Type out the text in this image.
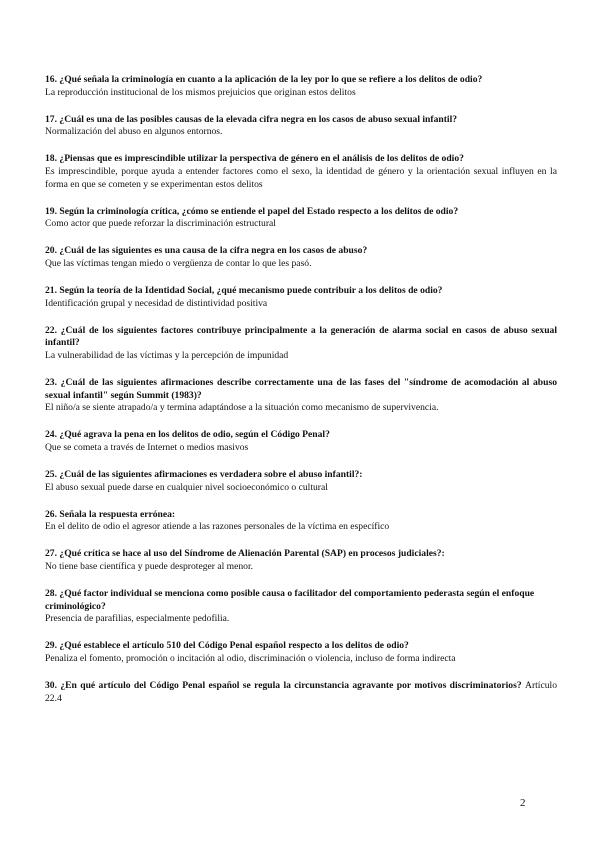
16. ¿Qué señala la criminología en cuanto a la aplicación de la ley por lo que se refiere a los delitos de odio?

La reproducción institucional de los mismos prejuicios que originan estos delitos

17. ¿Cuál es una de las posibles causas de la elevada cifra negra en los casos de abuso sexual infantil?

Normalización del abuso en algunos entornos.

18. ¿Piensas que es imprescindible utilizar la perspectiva de género en el análisis de los delitos de odio?

Es imprescindible, porque ayuda a entender factores como el sexo, la identidad de género y la orientación sexual influyen en la forma en que se cometen y se experimentan estos delitos

19. Según la criminología crítica, ¿cómo se entiende el papel del Estado respecto a los delitos de odio?

Como actor que puede reforzar la discriminación estructural

20. ¿Cuál de las siguientes es una causa de la cifra negra en los casos de abuso?

Que las víctimas tengan miedo o vergüenza de contar lo que les pasó.

21. Según la teoría de la Identidad Social, ¿qué mecanismo puede contribuir a los delitos de odio?

Identificación grupal y necesidad de distintividad positiva

22. ¿Cuál de los siguientes factores contribuye principalmente a la generación de alarma social en casos de abuso sexual infantil?

La vulnerabilidad de las víctimas y la percepción de impunidad

23. ¿Cuál de las siguientes afirmaciones describe correctamente una de las fases del "síndrome de acomodación al abuso sexual infantil" según Summit (1983)?

El niño/a se siente atrapado/a y termina adaptándose a la situación como mecanismo de supervivencia.

24. ¿Qué agrava la pena en los delitos de odio, según el Código Penal?

Que se cometa a través de Internet o medios masivos

25. ¿Cuál de las siguientes afirmaciones es verdadera sobre el abuso infantil?:

El abuso sexual puede darse en cualquier nivel socioeconómico o cultural

26. Señala la respuesta errónea:

En el delito de odio el agresor atiende a las razones personales de la víctima en específico

27. ¿Qué crítica se hace al uso del Síndrome de Alienación Parental (SAP) en procesos judiciales?:

No tiene base científica y puede desproteger al menor.

28. ¿Qué factor individual se menciona como posible causa o facilitador del comportamiento pederasta según el enfoque criminológico?

Presencia de parafilias, especialmente pedofilia.

29. ¿Qué establece el artículo 510 del Código Penal español respecto a los delitos de odio?

Penaliza el fomento, promoción o incitación al odio, discriminación o violencia, incluso de forma indirecta

30. ¿En qué artículo del Código Penal español se regula la circunstancia agravante por motivos discriminatorios? Artículo 22.4

2
